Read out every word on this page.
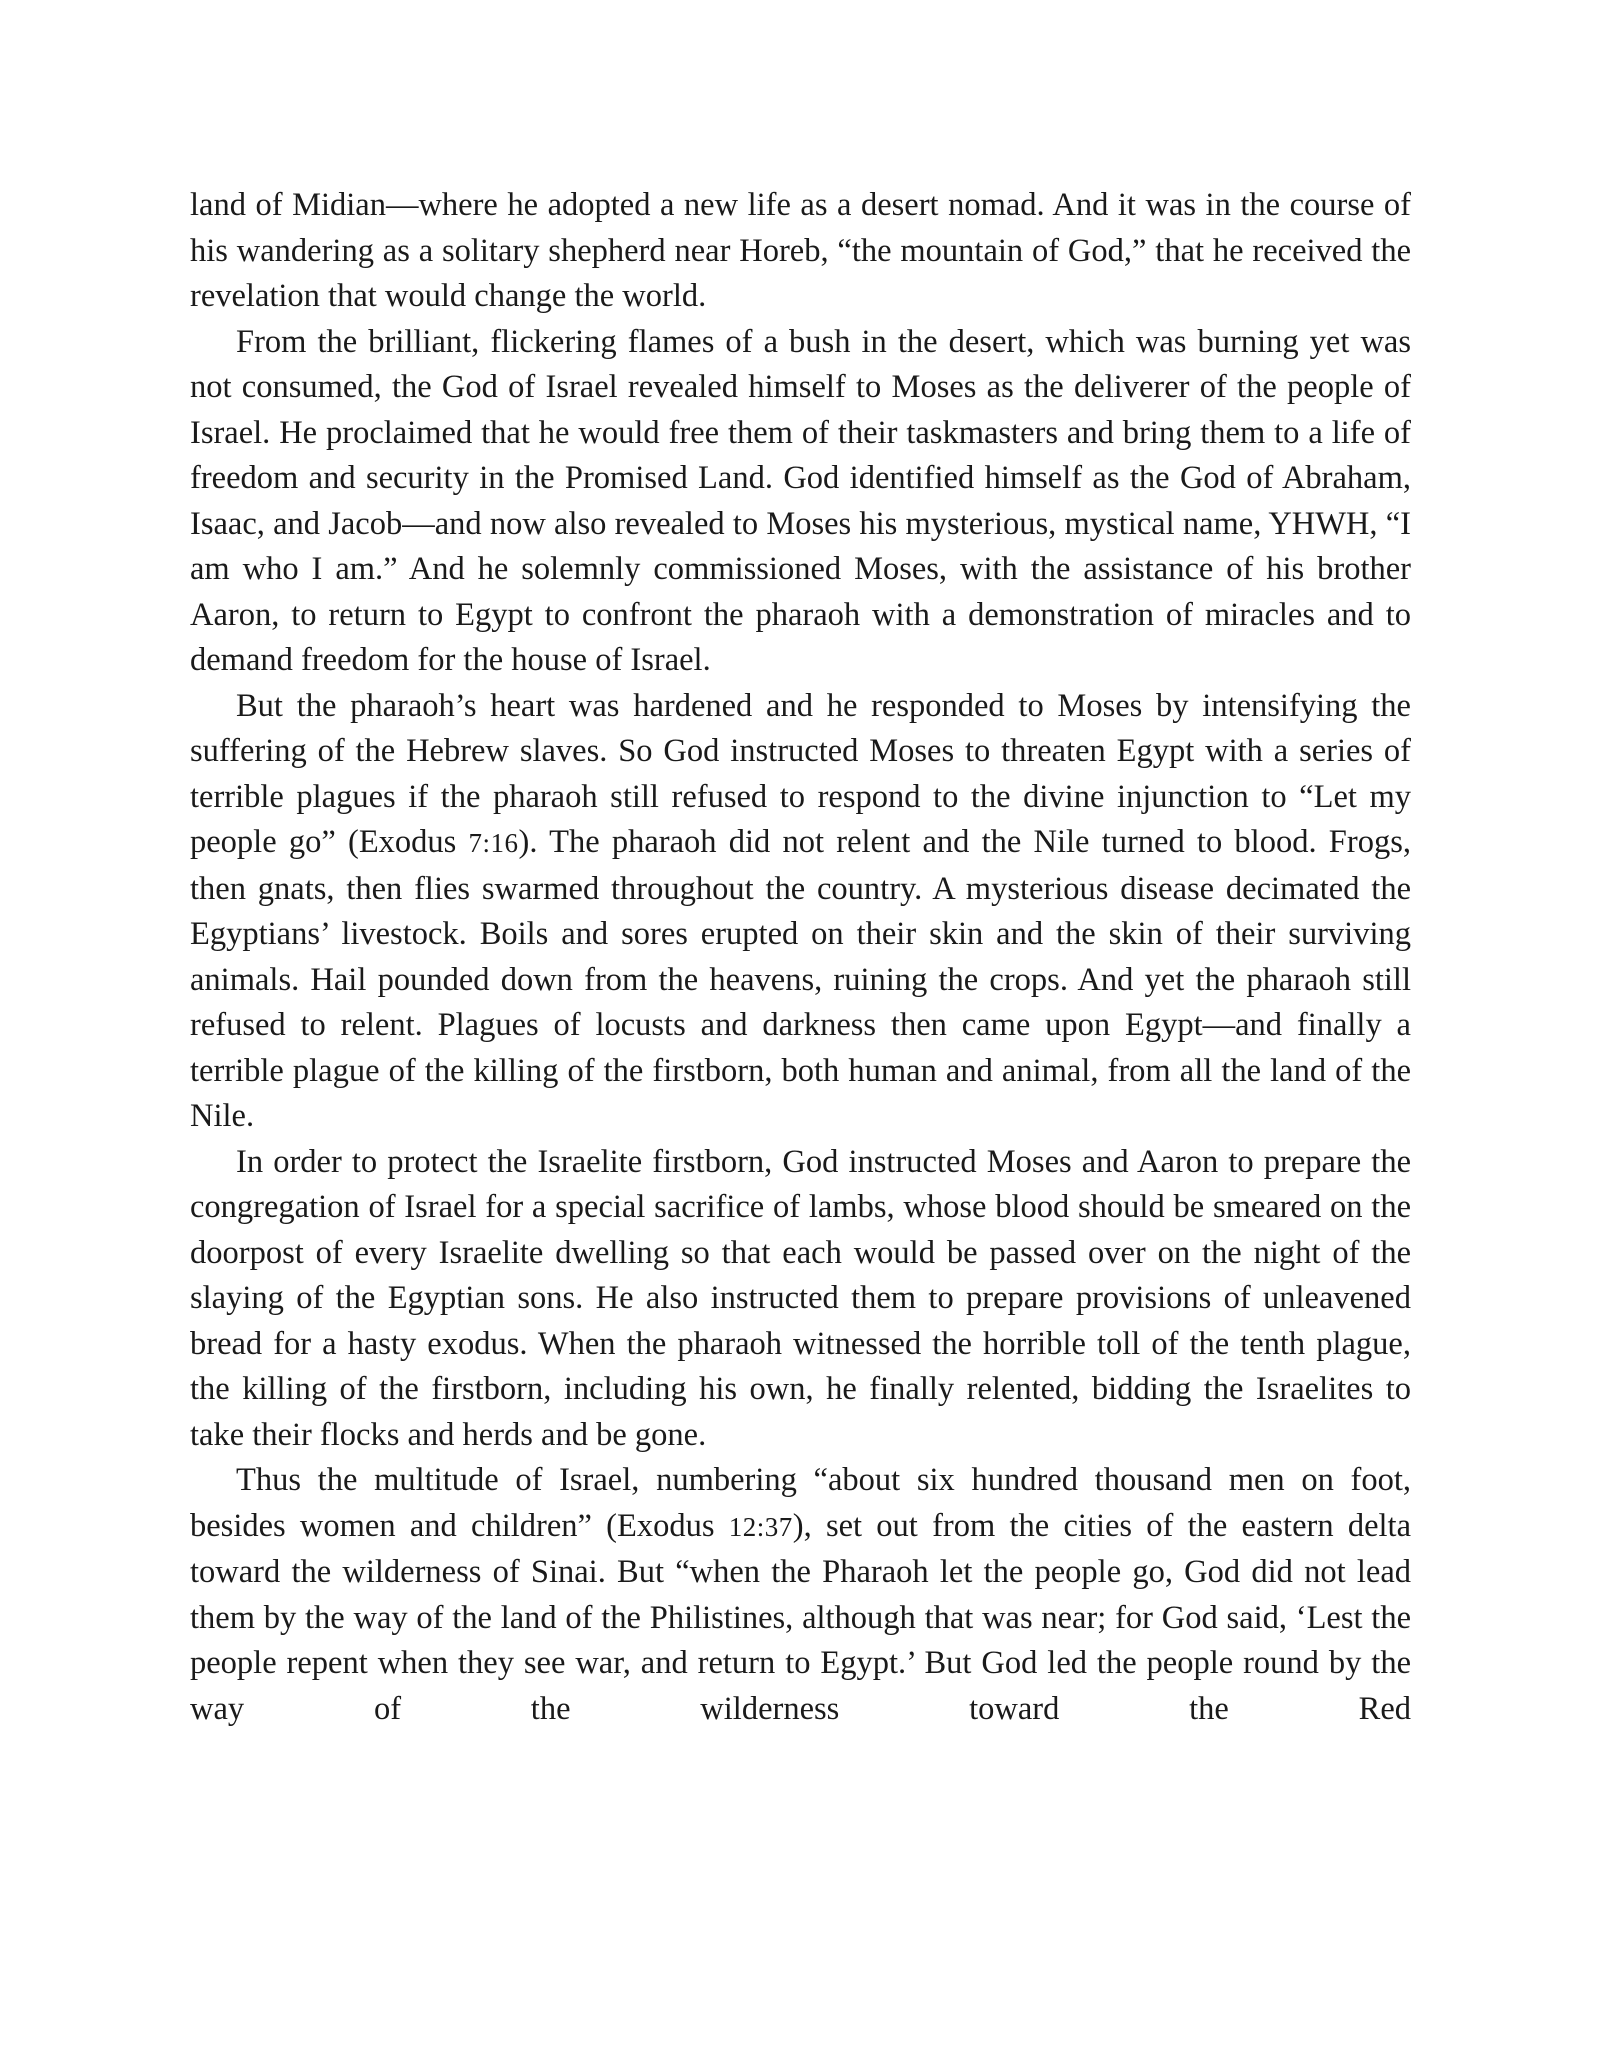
land of Midian—where he adopted a new life as a desert nomad. And it was in the course of his wandering as a solitary shepherd near Horeb, “the mountain of God,” that he received the revelation that would change the world.

From the brilliant, flickering flames of a bush in the desert, which was burning yet was not consumed, the God of Israel revealed himself to Moses as the deliverer of the people of Israel. He proclaimed that he would free them of their taskmasters and bring them to a life of freedom and security in the Promised Land. God identified himself as the God of Abraham, Isaac, and Jacob—and now also revealed to Moses his mysterious, mystical name, YHWH, “I am who I am.” And he solemnly commissioned Moses, with the assistance of his brother Aaron, to return to Egypt to confront the pharaoh with a demonstration of miracles and to demand freedom for the house of Israel.

But the pharaoh’s heart was hardened and he responded to Moses by intensifying the suffering of the Hebrew slaves. So God instructed Moses to threaten Egypt with a series of terrible plagues if the pharaoh still refused to respond to the divine injunction to “Let my people go” (Exodus 7:16). The pharaoh did not relent and the Nile turned to blood. Frogs, then gnats, then flies swarmed throughout the country. A mysterious disease decimated the Egyptians’ livestock. Boils and sores erupted on their skin and the skin of their surviving animals. Hail pounded down from the heavens, ruining the crops. And yet the pharaoh still refused to relent. Plagues of locusts and darkness then came upon Egypt—and finally a terrible plague of the killing of the firstborn, both human and animal, from all the land of the Nile.

In order to protect the Israelite firstborn, God instructed Moses and Aaron to prepare the congregation of Israel for a special sacrifice of lambs, whose blood should be smeared on the doorpost of every Israelite dwelling so that each would be passed over on the night of the slaying of the Egyptian sons. He also instructed them to prepare provisions of unleavened bread for a hasty exodus. When the pharaoh witnessed the horrible toll of the tenth plague, the killing of the firstborn, including his own, he finally relented, bidding the Israelites to take their flocks and herds and be gone.

Thus the multitude of Israel, numbering “about six hundred thousand men on foot, besides women and children” (Exodus 12:37), set out from the cities of the eastern delta toward the wilderness of Sinai. But “when the Pharaoh let the people go, God did not lead them by the way of the land of the Philistines, although that was near; for God said, ‘Lest the people repent when they see war, and return to Egypt.’ But God led the people round by the way of the wilderness toward the Red
